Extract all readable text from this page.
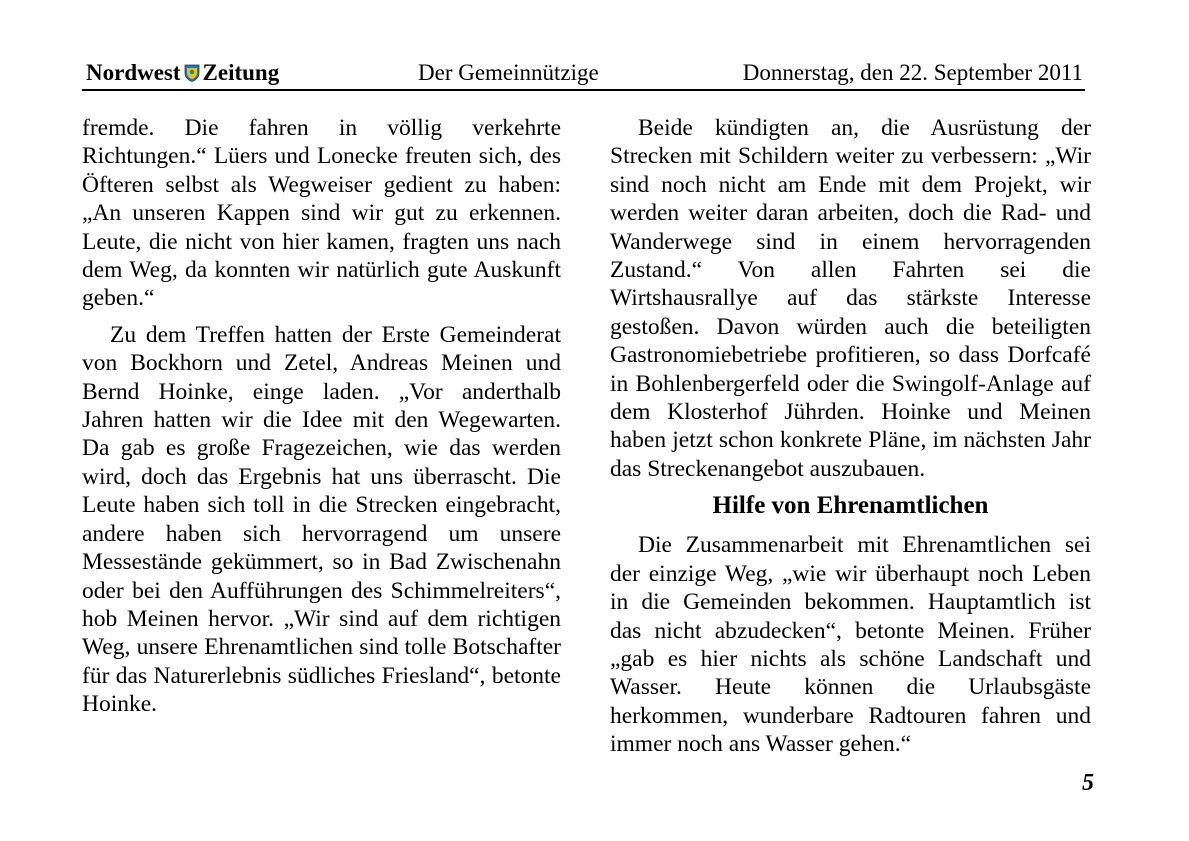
Nordwest Zeitung	Der Gemeinnützige	Donnerstag, den 22. September 2011

fremde. Die fahren in völlig verkehrte Richtungen.“ Lüers und Lonecke freuten sich, des Öfteren selbst als Wegweiser gedient zu haben: „An unseren Kappen sind wir gut zu erkennen. Leute, die nicht von hier kamen, fragten uns nach dem Weg, da konnten wir natürlich gute Auskunft geben.“

Zu dem Treffen hatten der Erste Gemeinderat von Bockhorn und Zetel, Andreas Meinen und Bernd Hoinke, einge laden. „Vor anderthalb Jahren hatten wir die Idee mit den Wegewarten. Da gab es große Fragezeichen, wie das werden wird, doch das Ergebnis hat uns überrascht. Die Leute haben sich toll in die Strecken eingebracht, andere haben sich hervorragend um unsere Messestände gekümmert, so in Bad Zwischenahn oder bei den Aufführungen des Schimmelreiters“, hob Meinen hervor. „Wir sind auf dem richtigen Weg, unsere Ehrenamtlichen sind tolle Botschafter für das Naturerlebnis südliches Friesland“, betonte Hoinke.

Beide kündigten an, die Ausrüstung der Strecken mit Schildern weiter zu verbessern: „Wir sind noch nicht am Ende mit dem Projekt, wir werden weiter daran arbeiten, doch die Rad- und Wanderwege sind in einem hervorragenden Zustand.“ Von allen Fahrten sei die Wirtshausrallye auf das stärkste Interesse gestoßen. Davon würden auch die beteiligten Gastronomiebetriebe profitieren, so dass Dorfcafé in Bohlenbergerfeld oder die Swingolf-Anlage auf dem Klosterhof Jührden. Hoinke und Meinen haben jetzt schon konkrete Pläne, im nächsten Jahr das Streckenangebot auszubauen.

Hilfe von Ehrenamtlichen

Die Zusammenarbeit mit Ehrenamtlichen sei der einzige Weg, „wie wir überhaupt noch Leben in die Gemeinden bekommen. Hauptamtlich ist das nicht abzudecken“, betonte Meinen. Früher „gab es hier nichts als schöne Landschaft und Wasser. Heute können die Urlaubsgäste herkommen, wunderbare Radtouren fahren und immer noch ans Wasser gehen.“

5
